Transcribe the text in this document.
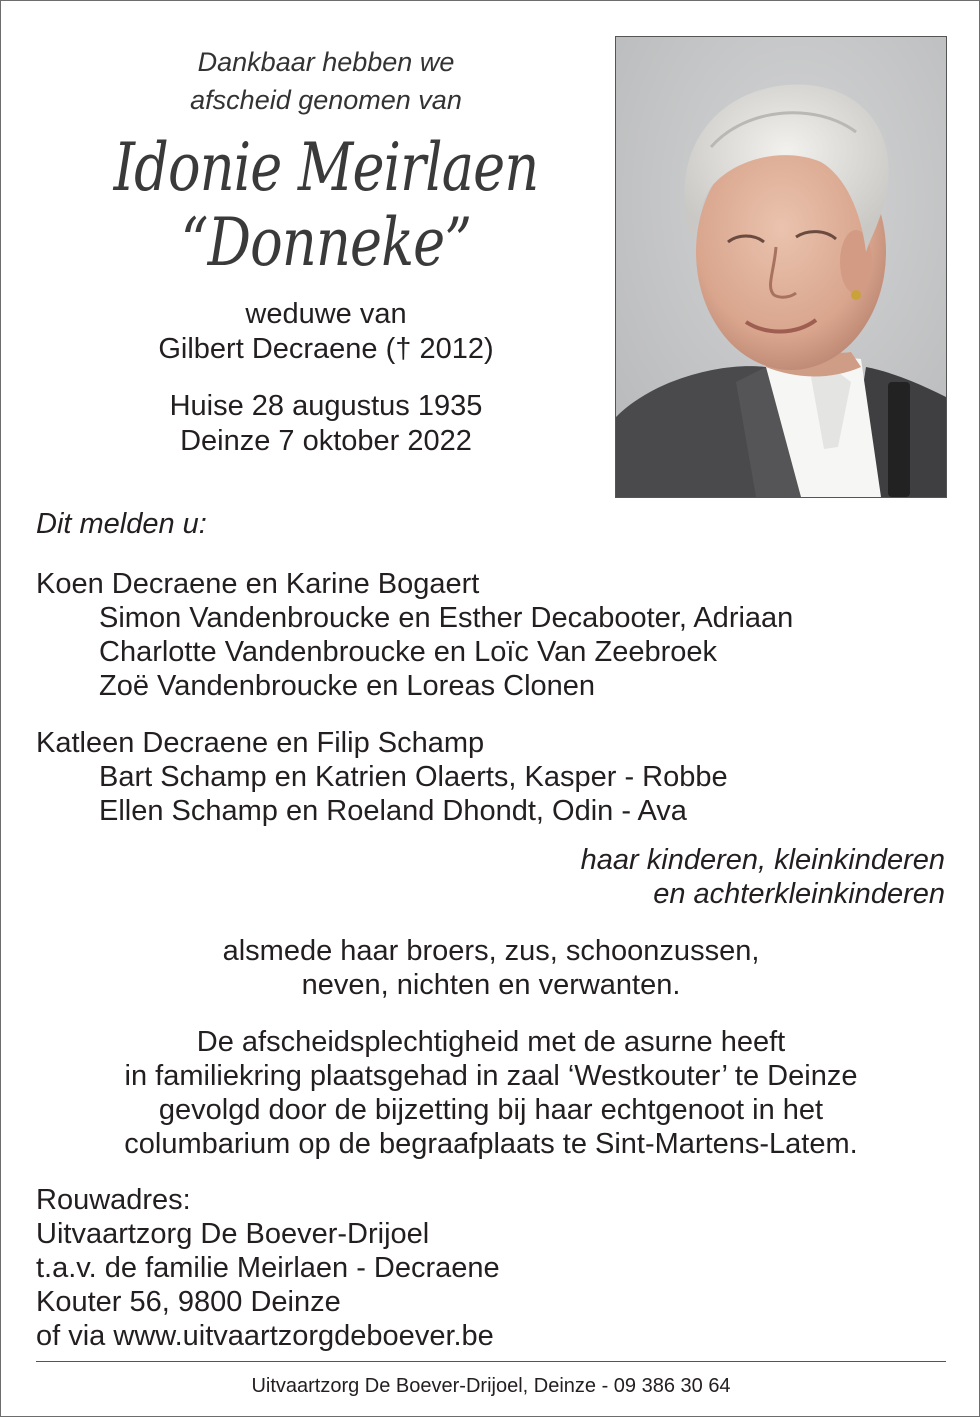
Dankbaar hebben we
afscheid genomen van
Idonie Meirlaen
“Donneke”
weduwe van
Gilbert Decraene († 2012)
Huise 28 augustus 1935
Deinze 7 oktober 2022
Dit melden u:
Koen Decraene en Karine Bogaert
Simon Vandenbroucke en Esther Decabooter, Adriaan
Charlotte Vandenbroucke en Loïc Van Zeebroek
Zoë Vandenbroucke en Loreas Clonen
Katleen Decraene en Filip Schamp
Bart Schamp en Katrien Olaerts, Kasper - Robbe
Ellen Schamp en Roeland Dhondt, Odin - Ava
haar kinderen, kleinkinderen
en achterkleinkinderen
alsmede haar broers, zus, schoonzussen,
neven, nichten en verwanten.
De afscheidsplechtigheid met de asurne heeft
in familiekring plaatsgehad in zaal ‘Westkouter’ te Deinze
gevolgd door de bijzetting bij haar echtgenoot in het
columbarium op de begraafplaats te Sint-Martens-Latem.
Rouwadres:
Uitvaartzorg De Boever-Drijoel
t.a.v. de familie Meirlaen - Decraene
Kouter 56, 9800 Deinze
of via www.uitvaartzorgdeboever.be
Uitvaartzorg De Boever-Drijoel, Deinze - 09 386 30 64
